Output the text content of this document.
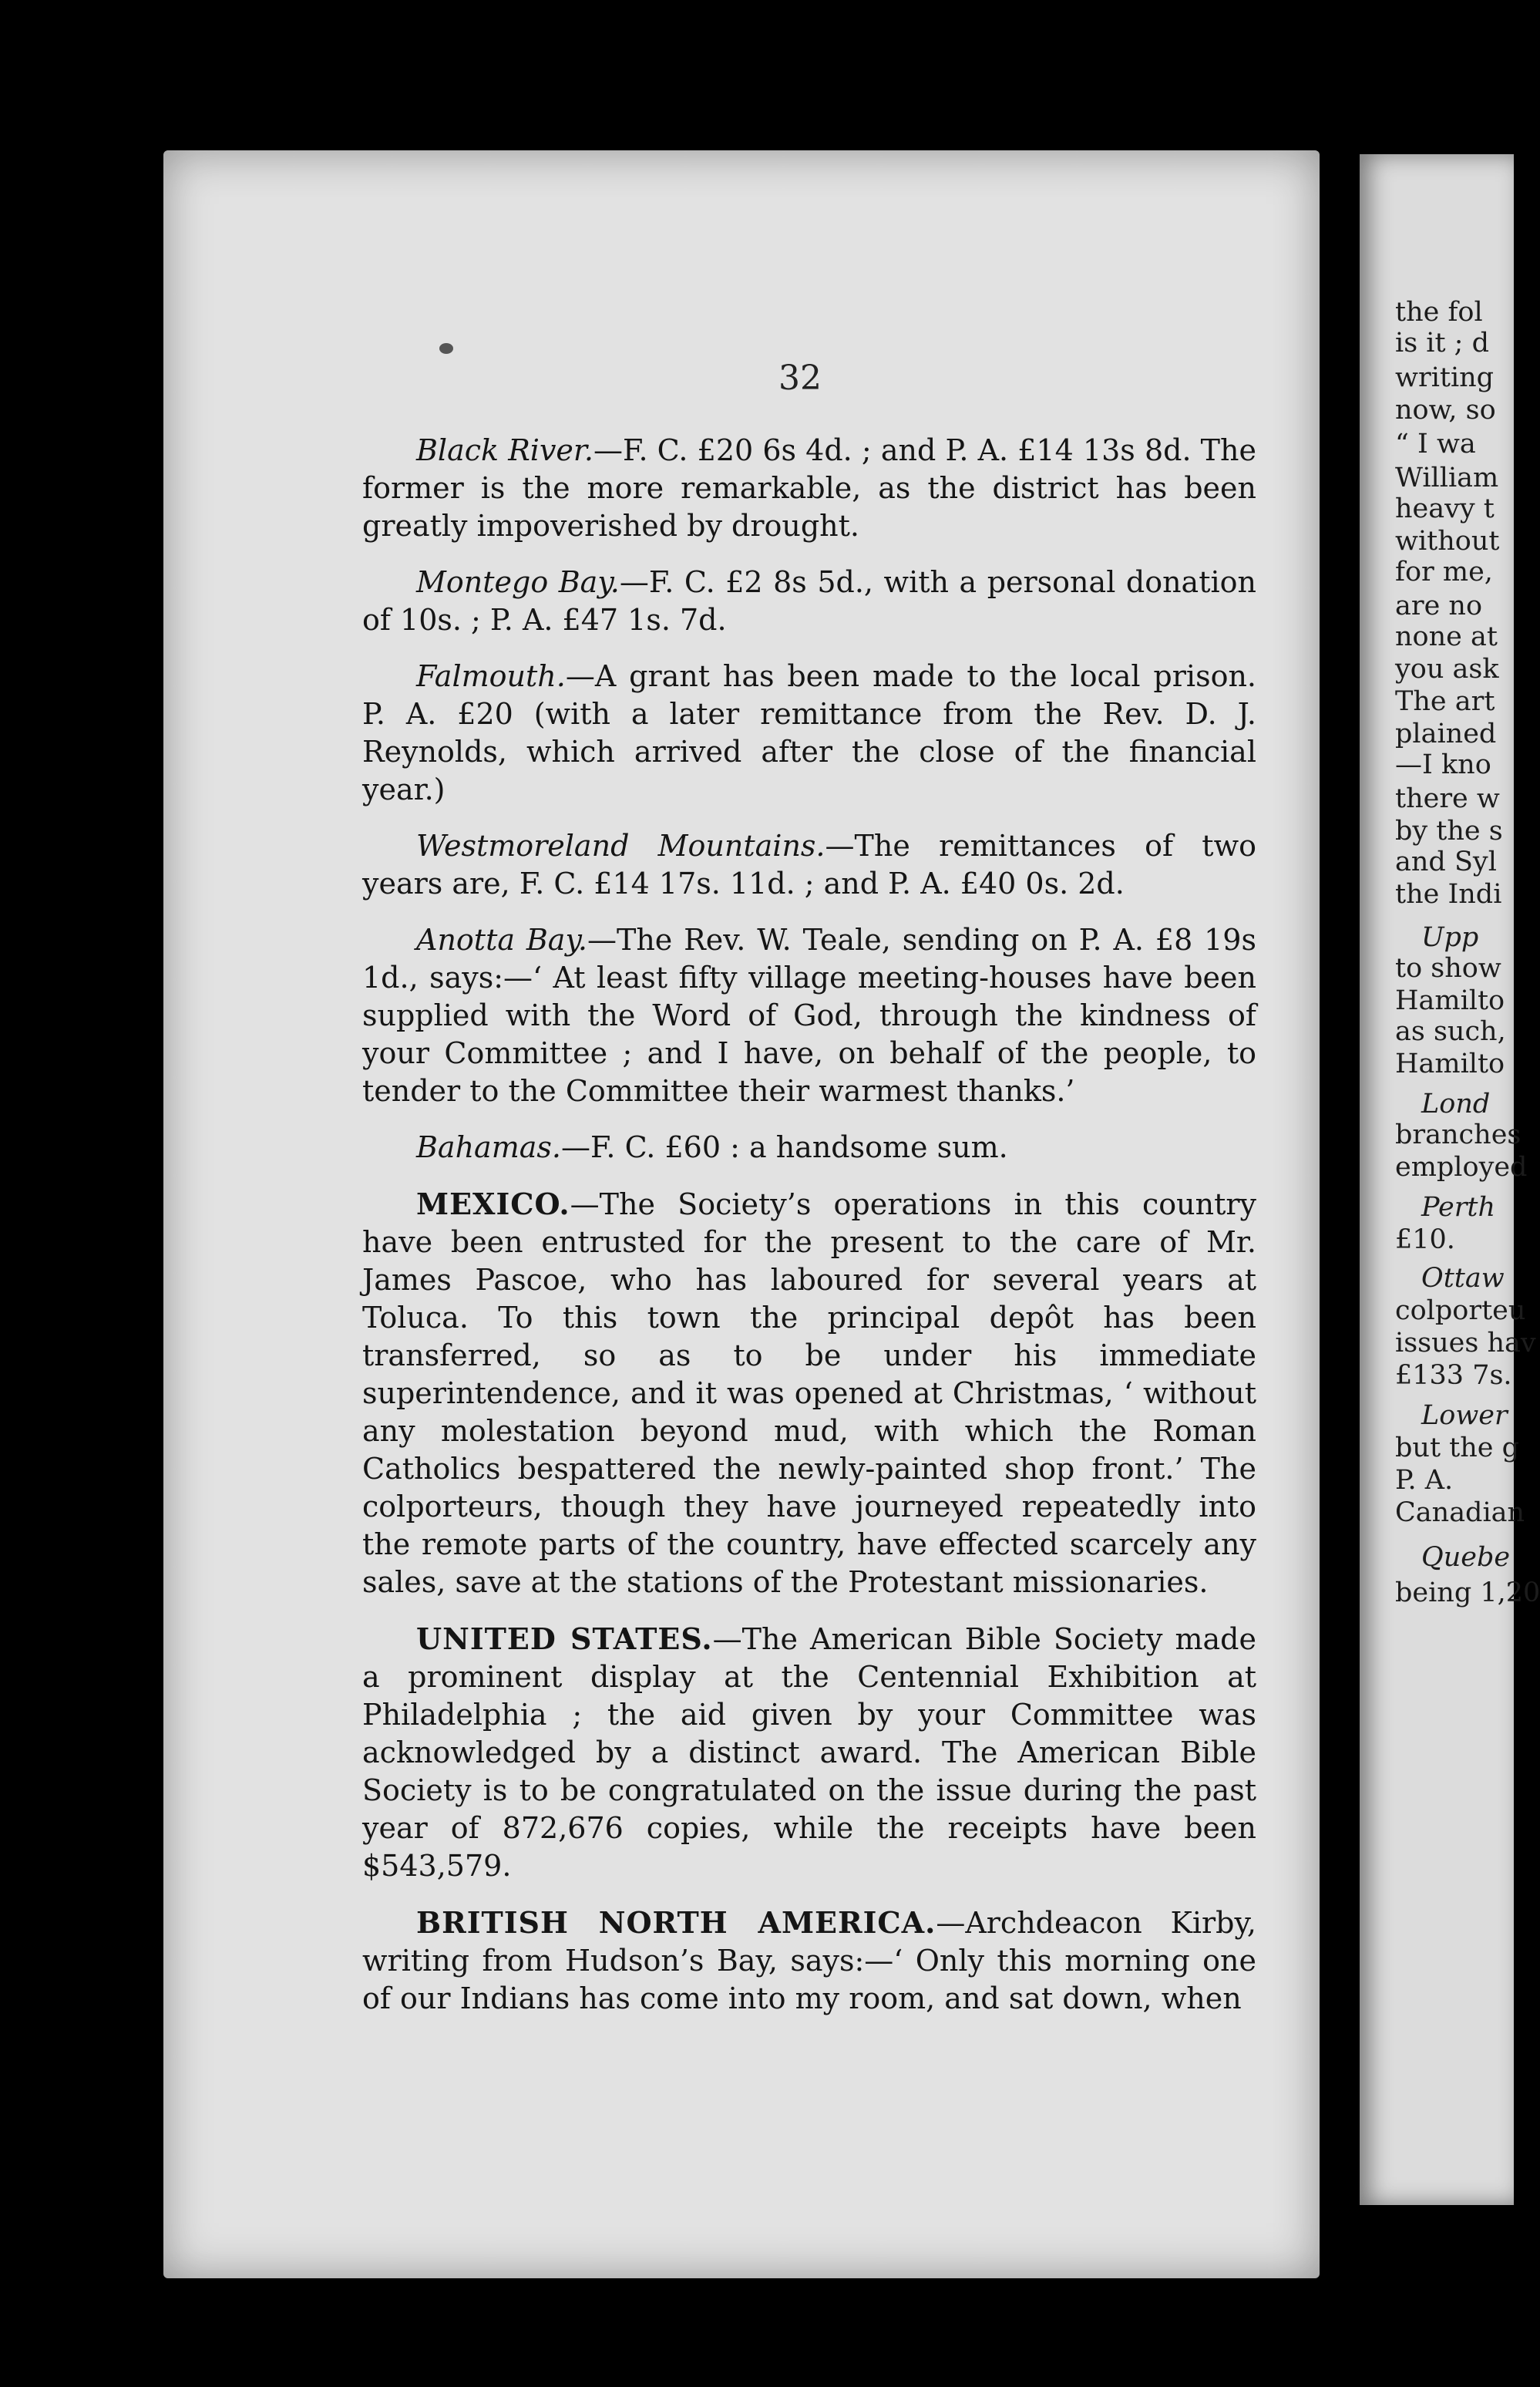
the fol
is it ; d
writing
now, so
“ I wa
William
heavy t
without
for me,
are no
none at
you ask
The art
plained
—I kno
there w
by the s
and Syl
the Indi
Upp
to show
Hamilto
as such,
Hamilto
Lond
branches
employed
Perth
£10.
Ottaw
colporteu
issues hav
£133 7s.
Lower
but the g
P. A.
Canadian
Quebe
being 1,20
32

Black River.—F. C. £20 6s 4d. ; and P. A. £14 13s 8d. The former is the more remarkable, as the district has been greatly impoverished by drought.

Montego Bay.—F. C. £2 8s 5d., with a personal donation of 10s. ; P. A. £47 1s. 7d.

Falmouth.—A grant has been made to the local prison. P. A. £20 (with a later remittance from the Rev. D. J. Reynolds, which arrived after the close of the financial year.)

Westmoreland Mountains.—The remittances of two years are, F. C. £14 17s. 11d. ; and P. A. £40 0s. 2d.

Anotta Bay.—The Rev. W. Teale, sending on P. A. £8 19s 1d., says:—‘ At least fifty village meeting-houses have been supplied with the Word of God, through the kindness of your Committee ; and I have, on behalf of the people, to tender to the Committee their warmest thanks.’

Bahamas.—F. C. £60 : a handsome sum.

MEXICO.—The Society’s operations in this country have been entrusted for the present to the care of Mr. James Pascoe, who has laboured for several years at Toluca. To this town the principal depôt has been transferred, so as to be under his immediate superintendence, and it was opened at Christmas, ‘ without any molestation beyond mud, with which the Roman Catholics bespattered the newly-painted shop front.’ The colporteurs, though they have journeyed repeatedly into the remote parts of the country, have effected scarcely any sales, save at the stations of the Protestant missionaries.

UNITED STATES.—The American Bible Society made a prominent display at the Centennial Exhibition at Philadelphia ; the aid given by your Committee was acknowledged by a distinct award. The American Bible Society is to be congratulated on the issue during the past year of 872,676 copies, while the receipts have been $543,579.

BRITISH NORTH AMERICA.—Archdeacon Kirby, writing from Hudson’s Bay, says:—‘ Only this morning one of our Indians has come into my room, and sat down, when
